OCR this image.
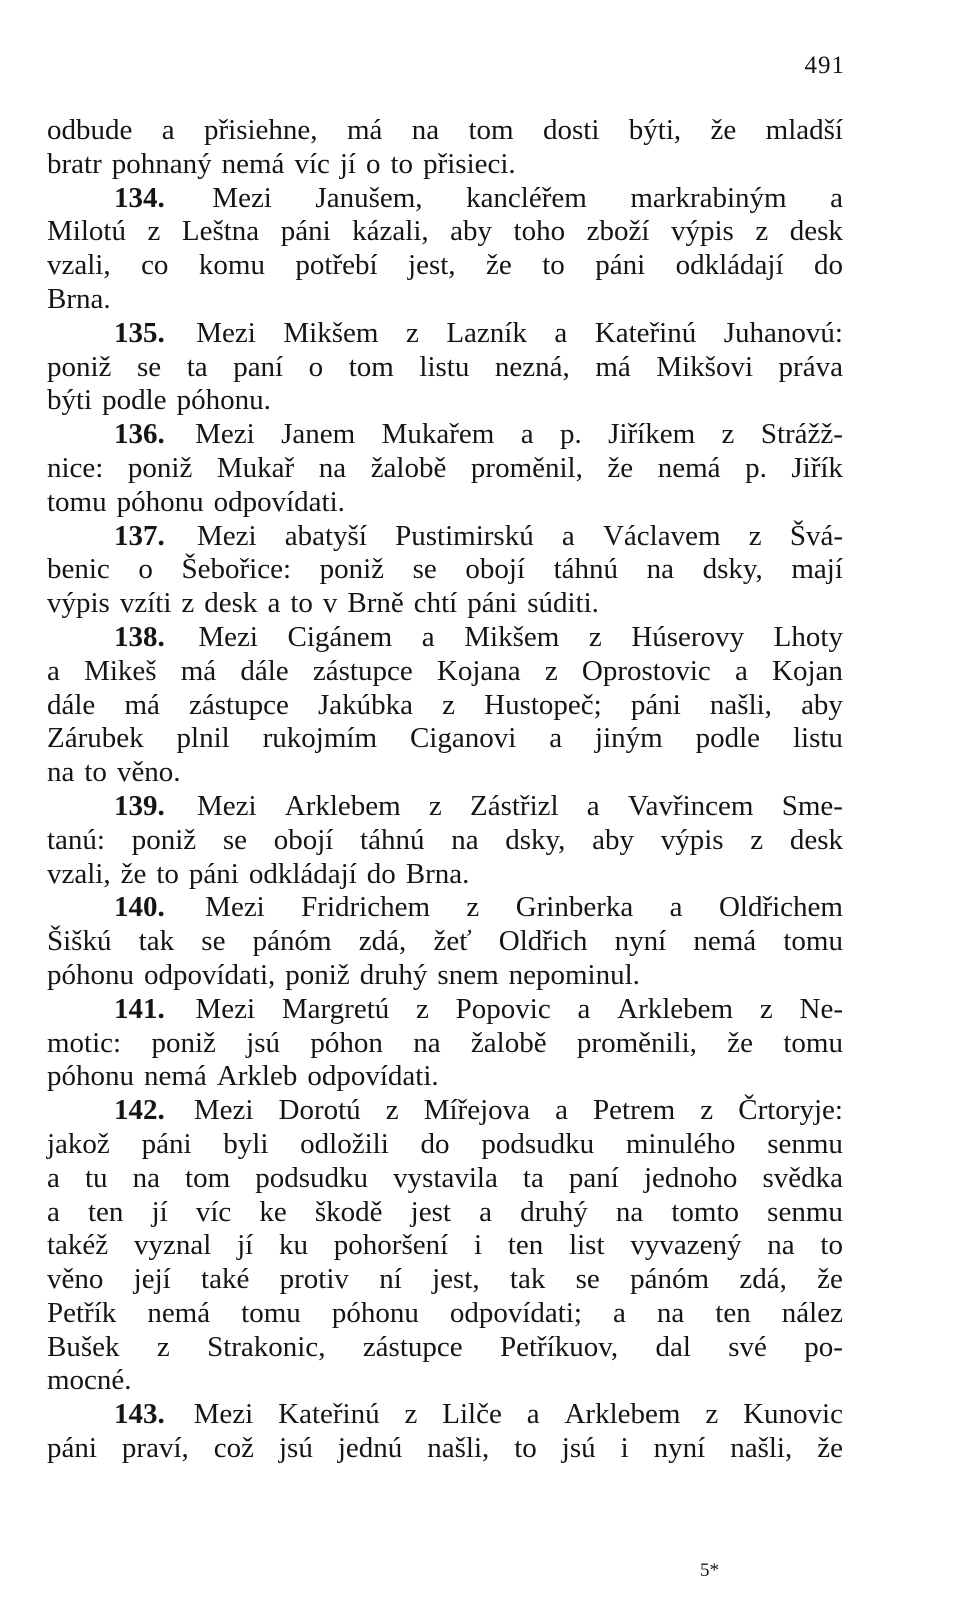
491
odbude a přisiehne, má na tom dosti býti, že mladší
bratr pohnaný nemá víc jí o to přisieci.
134. Mezi Janušem, kancléřem markrabiným a
Milotú z Leštna páni kázali, aby toho zboží výpis z desk
vzali, co komu potřebí jest, že to páni odkládají do
Brna.
135. Mezi Mikšem z Lazník a Kateřinú Juhanovú:
poniž se ta paní o tom listu nezná, má Mikšovi práva
býti podle póhonu.
136. Mezi Janem Mukařem a p. Jiříkem z Strážž-
nice: poniž Mukař na žalobě proměnil, že nemá p. Jiřík
tomu póhonu odpovídati.
137. Mezi abatyší Pustimirskú a Václavem z Švá-
benic o Šebořice: poniž se obojí táhnú na dsky, mají
výpis vzíti z desk a to v Brně chtí páni súditi.
138. Mezi Cigánem a Mikšem z Húserovy Lhoty
a Mikeš má dále zástupce Kojana z Oprostovic a Kojan
dále má zástupce Jakúbka z Hustopeč; páni našli, aby
Zárubek plnil rukojmím Ciganovi a jiným podle listu
na to věno.
139. Mezi Arklebem z Zástřizl a Vavřincem Sme-
tanú: poniž se obojí táhnú na dsky, aby výpis z desk
vzali, že to páni odkládají do Brna.
140. Mezi Fridrichem z Grinberka a Oldřichem
Šiškú tak se pánóm zdá, žeť Oldřich nyní nemá tomu
póhonu odpovídati, poniž druhý snem nepominul.
141. Mezi Margretú z Popovic a Arklebem z Ne-
motic: poniž jsú póhon na žalobě proměnili, že tomu
póhonu nemá Arkleb odpovídati.
142. Mezi Dorotú z Mířejova a Petrem z Črtoryje:
jakož páni byli odložili do podsudku minulého senmu
a tu na tom podsudku vystavila ta paní jednoho svědka
a ten jí víc ke škodě jest a druhý na tomto senmu
takéž vyznal jí ku pohoršení i ten list vyvazený na to
věno její také protiv ní jest, tak se pánóm zdá, že
Petřík nemá tomu póhonu odpovídati; a na ten nález
Bušek z Strakonic, zástupce Petříkuov, dal své po-
mocné.
143. Mezi Kateřinú z Lilče a Arklebem z Kunovic
páni praví, což jsú jednú našli, to jsú i nyní našli, že
5*
